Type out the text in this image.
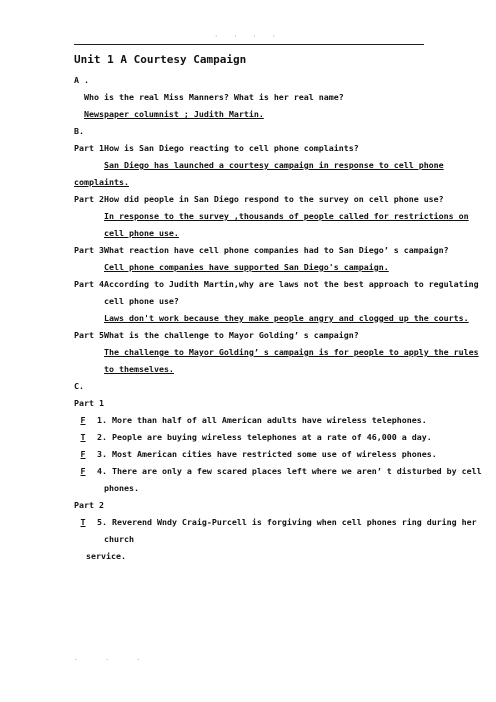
· · · ·
Unit 1 A Courtesy Campaign
A .
Who is the real Miss Manners? What is her real name?
Newspaper columnist ; Judith Martin.
B.
Part 1How is San Diego reacting to cell phone complaints?
San Diego has launched a courtesy campaign in response to cell phone
complaints.
Part 2How did people in San Diego respond to the survey on cell phone use?
In response to the survey ,thousands of people called for restrictions on
cell phone use.
Part 3What reaction have cell phone companies had to San Diego’ s campaign?
Cell phone companies have supported San Diego's campaign.
Part 4According to Judith Martin,why are laws not the best approach to regulating
cell phone use?
Laws don't work because they make people angry and clogged up the courts.
Part 5What is the challenge to Mayor Golding’ s campaign?
The challenge to Mayor Golding’ s campaign is for people to apply the rules
to themselves.
C.
Part 1
F 1. More than half of all American adults have wireless telephones.
T 2. People are buying wireless telephones at a rate of 46,000 a day.
F 3. Most American cities have restricted some use of wireless phones.
F 4. There are only a few scared places left where we aren’ t disturbed by cell
phones.
Part 2
T 5. Reverend Wndy Craig-Purcell is forgiving when cell phones ring during her
church
service.
. . .
